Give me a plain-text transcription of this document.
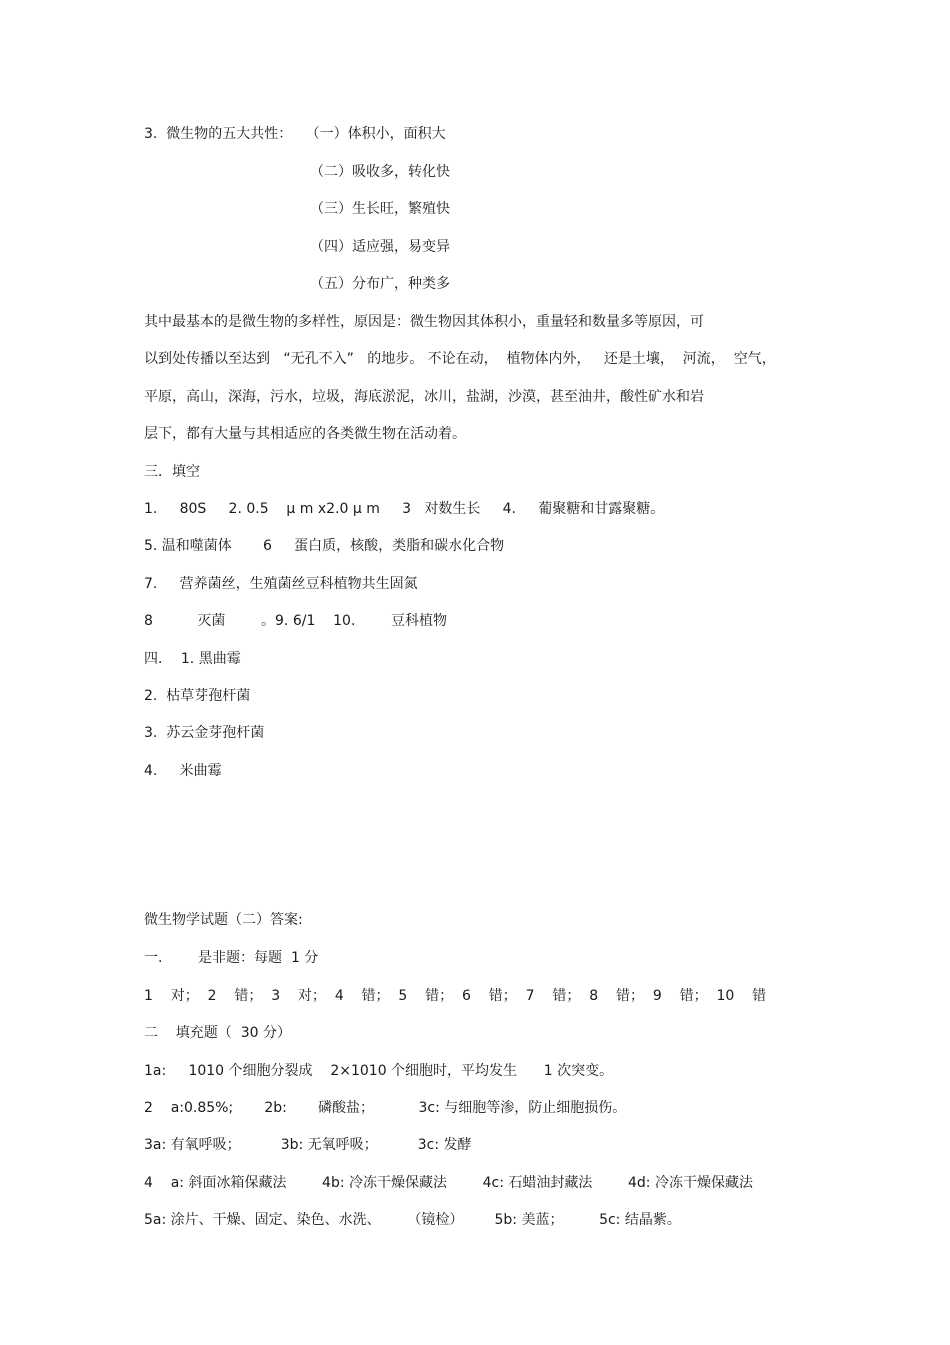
3.  微生物的五大共性：   （一）体积小，面积大
（二）吸收多，转化快
（三）生长旺，繁殖快
（四）适应强，易变异
（五）分布广，种类多
其中最基本的是微生物的多样性，原因是：微生物因其体积小，重量轻和数量多等原因，可
以到处传播以至达到   “无孔不入”   的地步。 不论在动，  植物体内外，   还是土壤，  河流，  空气，
平原，高山，深海，污水，垃圾，海底淤泥，冰川，盐湖，沙漠，甚至油井，酸性矿水和岩
层下，都有大量与其相适应的各类微生物在活动着。
三．填空
1.     80S     2. 0.5    μ m x2.0 μ m     3   对数生长     4.     葡聚糖和甘露聚糖。
5. 温和噬菌体       6     蛋白质，核酸，类脂和碳水化合物
7.     营养菌丝，生殖菌丝豆科植物共生固氮
8          灭菌        。9. 6/1    10.        豆科植物
四．  1. 黑曲霉
2.  枯草芽孢杆菌
3.  苏云金芽孢杆菌
4.     米曲霉
微生物学试题（二）答案:
一.        是非题：每题  1 分
1    对；  2    错；  3    对；  4    错；  5    错；  6    错；  7    错；  8    错；  9    错；  10    错
二    填充题（  30 分）
1a:     1010 个细胞分裂成    2×1010 个细胞时，平均发生      1 次突变。
2    a:0.85%;       2b:       磷酸盐；          3c: 与细胞等渗，防止细胞损伤。
3a: 有氧呼吸；         3b: 无氧呼吸；         3c: 发酵
4    a: 斜面冰箱保藏法        4b: 冷冻干燥保藏法        4c: 石蜡油封藏法        4d: 冷冻干燥保藏法
5a: 涂片、干燥、固定、染色、水洗、      （镜检）       5b: 美蓝；        5c: 结晶紫。
